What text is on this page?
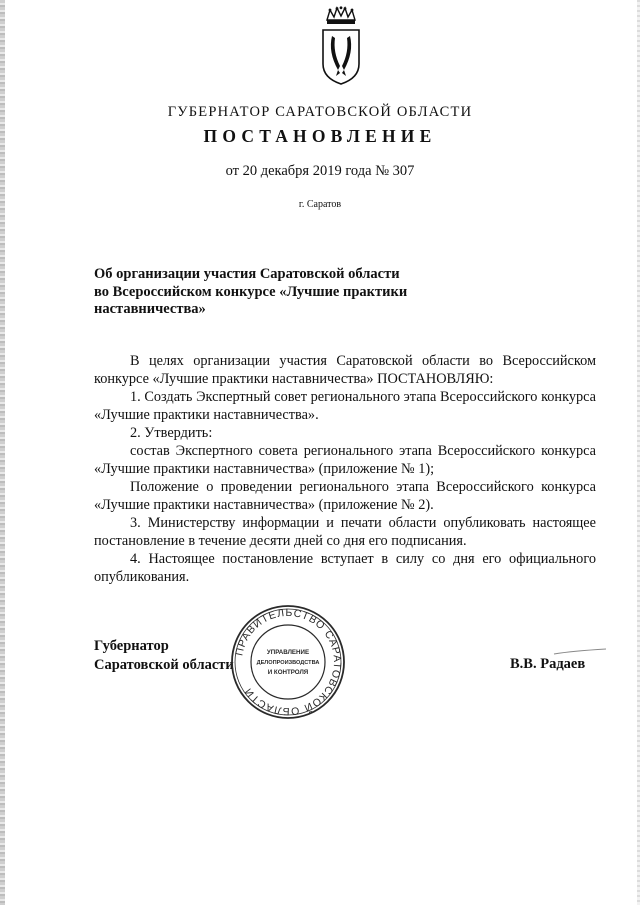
ГУБЕРНАТОР САРАТОВСКОЙ ОБЛАСТИ
ПОСТАНОВЛЕНИЕ
от 20 декабря 2019 года № 307
г. Саратов
Об организации участия Саратовской области
во Всероссийском конкурсе «Лучшие практики
наставничества»

В целях организации участия Саратовской области во Всероссийском конкурсе «Лучшие практики наставничества» ПОСТАНОВЛЯЮ:

1. Создать Экспертный совет регионального этапа Всероссийского конкурса «Лучшие практики наставничества».

2. Утвердить:

состав Экспертного совета регионального этапа Всероссийского конкурса «Лучшие практики наставничества» (приложение № 1);

Положение о проведении регионального этапа Всероссийского конкурса «Лучшие практики наставничества» (приложение № 2).

3. Министерству информации и печати области опубликовать настоящее постановление в течение десяти дней со дня его подписания.

4. Настоящее постановление вступает в силу со дня его официального опубликования.

Губернатор
Саратовской области
ПРАВИТЕЛЬСТВО САРАТОВСКОЙ ОБЛАСТИ
УПРАВЛЕНИЕ
ДЕЛОПРОИЗВОДСТВА
И КОНТРОЛЯ
В.В. Радаев
